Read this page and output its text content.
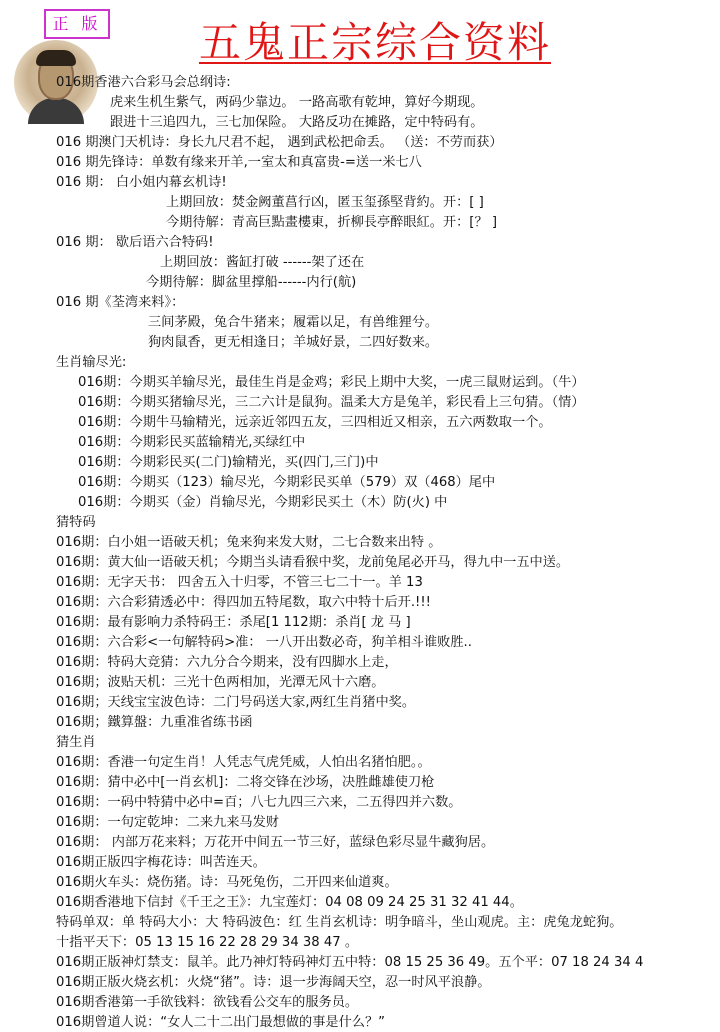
正 版	五鬼正宗综合资料
016期香港六合彩马会总纲诗:
虎来生机生紫气，两码少靠边。 一路高歌有乾坤，算好今期现。
跟进十三追四九，三七加保险。 大路反功在摊路，定中特码有。
016 期澳门天机诗：身长九尺君不起， 遇到武松把命丢。 （送：不劳而获）
016 期先锋诗：单数有缘来开羊,一室太和真富贵-=送一米七八
016 期： 白小姐内幕玄机诗!
上期回放：焚金阙董菖行凶，匿玉玺孫堅背約。开：[ ]
今期待解：青高巨點畫樓東，折柳長亭醉眼紅。开：[？ ]
016 期： 歇后语六合特码!
上期回放：酱缸打破 ------架了还在
今期待解：脚盆里撑船------内行(航)
016 期《荃湾来料》：
三间茅殿，兔合牛猪来；履霜以足，有兽维狸兮。
狗肉鼠香，更无相逢日；羊城好景，二四好数来。
生肖输尽光:
016期：今期买羊输尽光，最佳生肖是金鸡；彩民上期中大奖，一虎三鼠财运到。（牛）
016期：今期买猪输尽光，三二六计是鼠狗。温柔大方是兔羊，彩民看上三句猜。（情）
016期：今期牛马输精光，远亲近邻四五友，三四相近又相亲，五六两数取一个。
016期：今期彩民买蓝输精光,买绿红中
016期：今期彩民买(二门)输精光，买(四门,三门)中
016期：今期买（123）输尽光，今期彩民买单（579）双（468）尾中
016期：今期买（金）肖输尽光，今期彩民买土（木）防(火) 中
猜特码
016期：白小姐一语破天机；兔来狗来发大财，二七合数来出特 。
016期：黄大仙一语破天机；今期当头请看猴中奖，龙前兔尾必开马，得九中一五中送。
016期：无字天书： 四舍五入十归零，不管三七二十一。羊 13
016期：六合彩猜透必中：得四加五特尾数，取六中特十后开.!!!
016期：最有影响力杀特码王：杀尾[1 112期：杀肖[ 龙 马 ]
016期：六合彩<一句解特码>准： 一八开出数必奇，狗羊相斗谁败胜..
016期：特码大竞猜：六九分合今期来，没有四脚水上走，
016期；波贴天机：三光十色两相加，光潭无风十六磨。
016期；天线宝宝波色诗：二门号码送大家,两红生肖猪中奖。
016期；鐵算盤：九重准省练书函
猜生肖
016期：香港一句定生肖！人凭志气虎凭威，人怕出名猪怕肥。。
016期：猜中必中[一肖玄机]：二将交锋在沙场，决胜雌雄使刀枪
016期：一码中特猜中必中=百；八七九四三六来，二五得四并六数。
016期：一句定乾坤：二来九来马发财
016期： 内部万花来料；万花开中间五一节三好，蓝绿色彩尽显牛藏狗居。
016期正版四字梅花诗：叫苦连天。
016期火车头：烧伤猪。诗：马死兔伤，二开四来仙道爽。
016期香港地下信封《千王之王》：九宝莲灯：04 08 09 24 25 31 32 41 44。
特码单双：单 特码大小：大 特码波色：红 生肖玄机诗：明争暗斗，坐山观虎。主：虎兔龙蛇狗。
十指平天下：05 13 15 16 22 28 29 34 38 47 。
016期正版神灯禁支：鼠羊。此乃神灯特码神灯五中特：08 15 25 36 49。五个平：07 18 24 34 4
016期正版火烧玄机：火烧“猪”。诗：退一步海阔天空，忍一时风平浪静。
016期香港第一手欲钱料：欲钱看公交车的服务员。
016期曾道人说：“女人二十二出门最想做的事是什么？”
